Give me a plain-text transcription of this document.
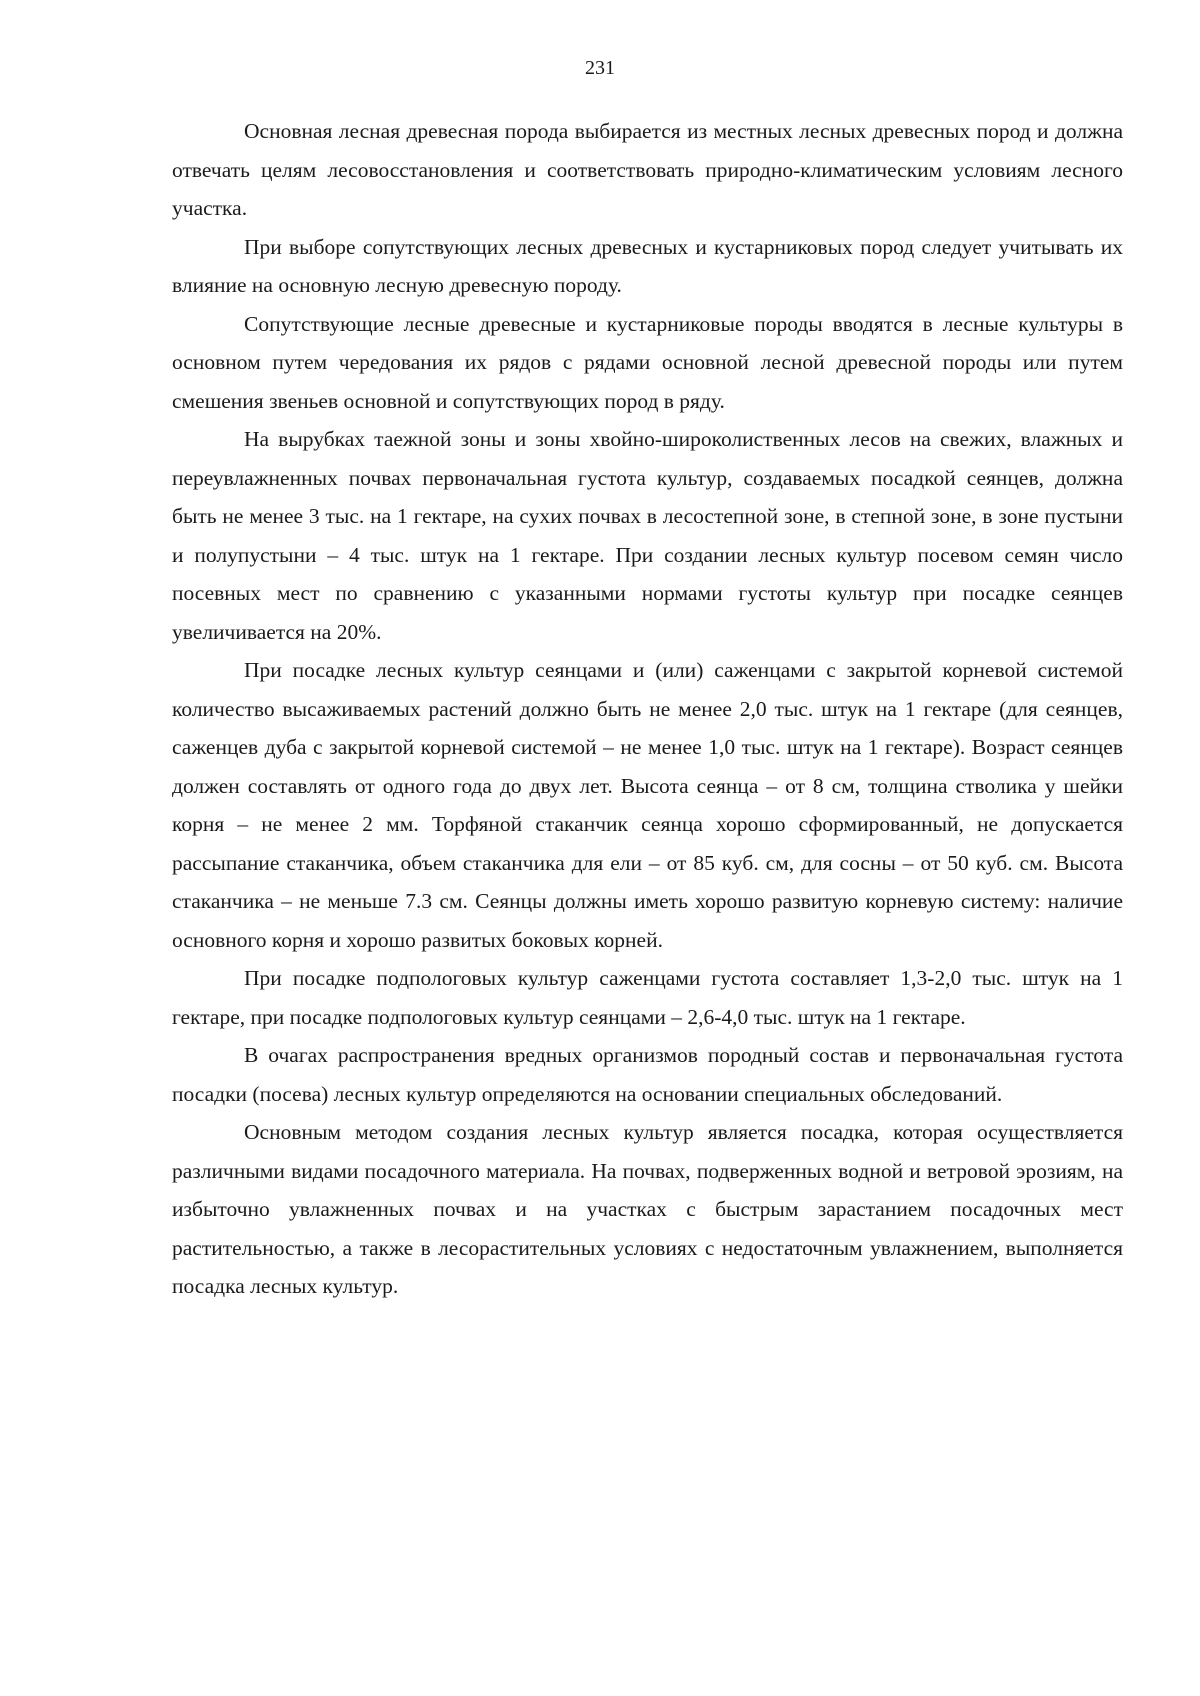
231

Основная лесная древесная порода выбирается из местных лесных древесных пород и должна отвечать целям лесовосстановления и соответствовать природно-климатическим условиям лесного участка.

При выборе сопутствующих лесных древесных и кустарниковых пород следует учитывать их влияние на основную лесную древесную породу.

Сопутствующие лесные древесные и кустарниковые породы вводятся в лесные культуры в основном путем чередования их рядов с рядами основной лесной древесной породы или путем смешения звеньев основной и сопутствующих пород в ряду.

На вырубках таежной зоны и зоны хвойно-широколиственных лесов на свежих, влажных и переувлажненных почвах первоначальная густота культур, создаваемых посадкой сеянцев, должна быть не менее 3 тыс. на 1 гектаре, на сухих почвах в лесостепной зоне, в степной зоне, в зоне пустыни и полупустыни – 4 тыс. штук на 1 гектаре. При создании лесных культур посевом семян число посевных мест по сравнению с указанными нормами густоты культур при посадке сеянцев увеличивается на 20%.

При посадке лесных культур сеянцами и (или) саженцами с закрытой корневой системой количество высаживаемых растений должно быть не менее 2,0 тыс. штук на 1 гектаре (для сеянцев, саженцев дуба с закрытой корневой системой – не менее 1,0 тыс. штук на 1 гектаре). Возраст сеянцев должен составлять от одного года до двух лет. Высота сеянца – от 8 см, толщина стволика у шейки корня – не менее 2 мм. Торфяной стаканчик сеянца хорошо сформированный, не допускается рассыпание стаканчика, объем стаканчика для ели – от 85 куб. см, для сосны – от 50 куб. см. Высота стаканчика – не меньше 7.3 см. Сеянцы должны иметь хорошо развитую корневую систему: наличие основного корня и хорошо развитых боковых корней.

При посадке подпологовых культур саженцами густота составляет 1,3-2,0 тыс. штук на 1 гектаре, при посадке подпологовых культур сеянцами – 2,6-4,0 тыс. штук на 1 гектаре.

В очагах распространения вредных организмов породный состав и первоначальная густота посадки (посева) лесных культур определяются на основании специальных обследований.

Основным методом создания лесных культур является посадка, которая осуществляется различными видами посадочного материала. На почвах, подверженных водной и ветровой эрозиям, на избыточно увлажненных почвах и на участках с быстрым зарастанием посадочных мест растительностью, а также в лесорастительных условиях с недостаточным увлажнением, выполняется посадка лесных культур.
